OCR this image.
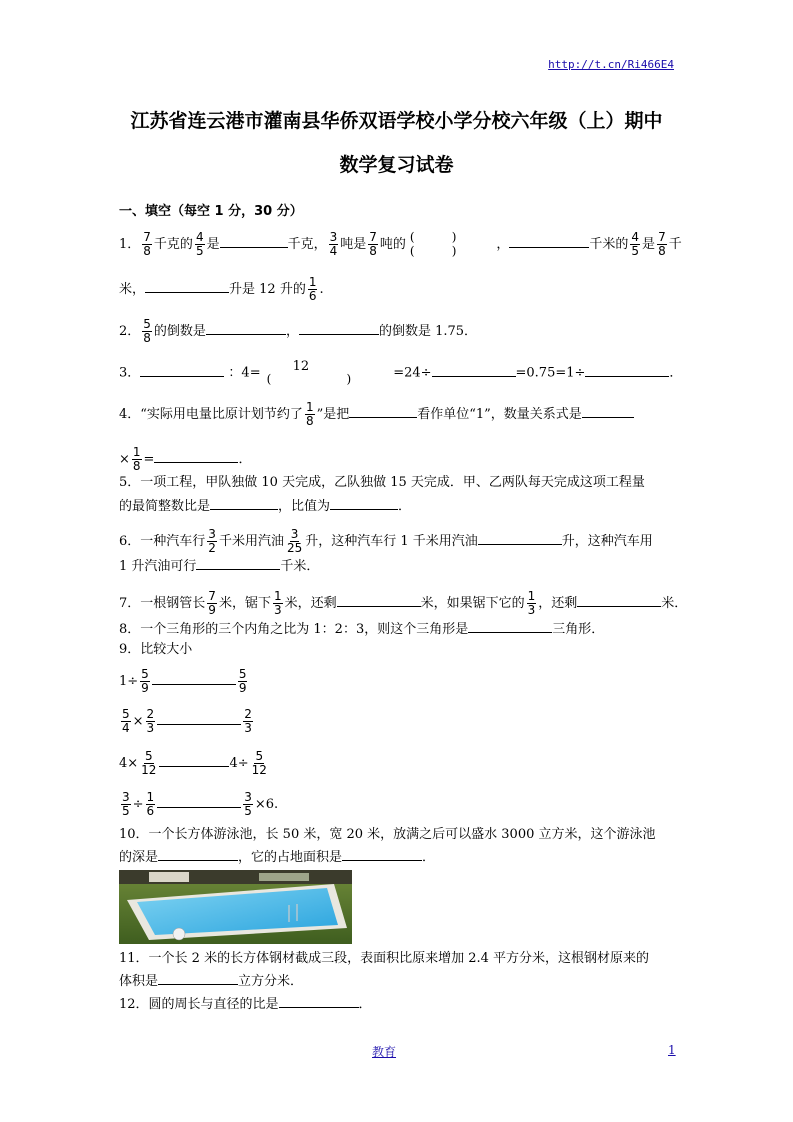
http://t.cn/Ri466E4
江苏省连云港市灌南县华侨双语学校小学分校六年级（上）期中
数学复习试卷
一、填空（每空 1 分，30 分）
1． $\frac{7}{8}$ 千克的 $\frac{4}{5}$ 是	千克， $\frac{3}{4}$ 吨是 $\frac{7}{8}$ 吨的 (	)
(	)	，	千米的 $\frac{4}{5}$ 是 $\frac{7}{8}$ 千
米，	升是 12 升的 $\frac{1}{6}$ .
2． $\frac{5}{8}$ 的倒数是	，	的倒数是 1.75．
3．	：4=	12
(	)	=24÷	=0.75=1÷	．
4．“实际用电量比原计划节约了 $\frac{1}{8}$ ”是把	看作单位“1”，数量关系式是
× $\frac{1}{8}$ =	．
5．一项工程，甲队独做 10 天完成，乙队独做 15 天完成．甲、乙两队每天完成这项工程量
的最简整数比是	，比值为	．
6．一种汽车行 $\frac{3}{2}$ 千米用汽油 $\frac{3}{25}$ 升，这种汽车行 1 千米用汽油	升，这种汽车用
1 升汽油可行	千米．
7．一根钢管长 $\frac{7}{9}$ 米，锯下 $\frac{1}{3}$ 米，还剩	米，如果锯下它的 $\frac{1}{3}$ ，还剩	米．
8．一个三角形的三个内角之比为 1：2：3，则这个三角形是	三角形．
9．比较大小
$1\div \frac{5}{9}$	$\frac{5}{9}$
$\frac{5}{4} \times \frac{2}{3}$	$\frac{2}{3}$
$4\times \frac{5}{12}$	$4\div \frac{5}{12}$
$\frac{3}{5} \div \frac{1}{6}$	$\frac{3}{5} \times 6$.
10．一个长方体游泳池，长 50 米，宽 20 米，放满之后可以盛水 3000 立方米，这个游泳池
的深是	，它的占地面积是	．
11．一个长 2 米的长方体钢材截成三段，表面积比原来增加 2.4 平方分米，这根钢材原来的
体积是	立方分米．
12．圆的周长与直径的比是	．
教育	1
